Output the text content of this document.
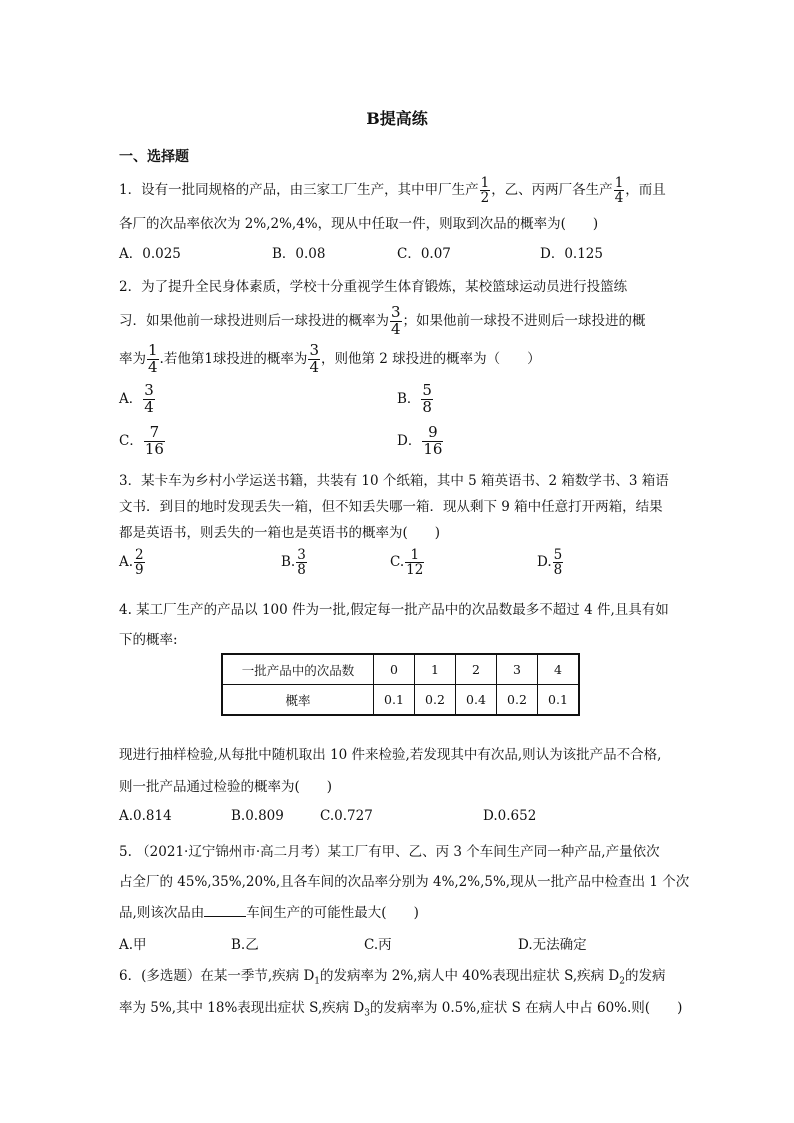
B提高练
一、选择题
1．设有一批同规格的产品，由三家工厂生产，其中甲厂生产 $\frac{1}{2}$ ，乙、丙两厂各生产 $\frac{1}{4}$ ，而且
各厂的次品率依次为 2%,2%,4%，现从中任取一件，则取到次品的概率为(　　)
A．0.025	B．0.08	C．0.07	D．0.125
2．为了提升全民身体素质，学校十分重视学生体育锻炼，某校篮球运动员进行投篮练
习．如果他前一球投进则后一球投进的概率为 $\frac{3}{4}$ ；如果他前一球投不进则后一球投进的概
率为 $\frac{1}{4}$ .若他第1球投进的概率为 $\frac{3}{4}$ ，则他第 2 球投进的概率为（　　）
A． $\frac{3}{4}$	B． $\frac{5}{8}$
C． $\frac{7}{16}$	D． $\frac{9}{16}$
3．某卡车为乡村小学运送书籍，共装有 10 个纸箱，其中 5 箱英语书、2 箱数学书、3 箱语
文书．到目的地时发现丢失一箱，但不知丢失哪一箱．现从剩下 9 箱中任意打开两箱，结果
都是英语书，则丢失的一箱也是英语书的概率为(　　)
A. $\frac{2}{9}$	B. $\frac{3}{8}$	C. $\frac{1}{12}$	D. $\frac{5}{8}$
4. 某工厂生产的产品以 100 件为一批,假定每一批产品中的次品数最多不超过 4 件,且具有如
下的概率:
一批产品中的次品数	0	1	2	3	4
概率	0.1	0.2	0.4	0.2	0.1
现进行抽样检验,从每批中随机取出 10 件来检验,若发现其中有次品,则认为该批产品不合格,
则一批产品通过检验的概率为(　　)
A.0.814	B.0.809	C.0.727	D.0.652
5. （2021·辽宁锦州市·高二月考）某工厂有甲、乙、丙 3 个车间生产同一种产品,产量依次
占全厂的 45%,35%,20%,且各车间的次品率分别为 4%,2%,5%,现从一批产品中检查出 1 个次
品,则该次品由	车间生产的可能性最大(　　)
A.甲	B.乙	C.丙	D.无法确定
6．(多选题）在某一季节,疾病 $D_1$的发病率为 2%,病人中 40%表现出症状 S,疾病 $D_2$的发病
率为 5%,其中 18%表现出症状 S,疾病 $D_3$的发病率为 0.5%,症状 S 在病人中占 60%.则(　　)
